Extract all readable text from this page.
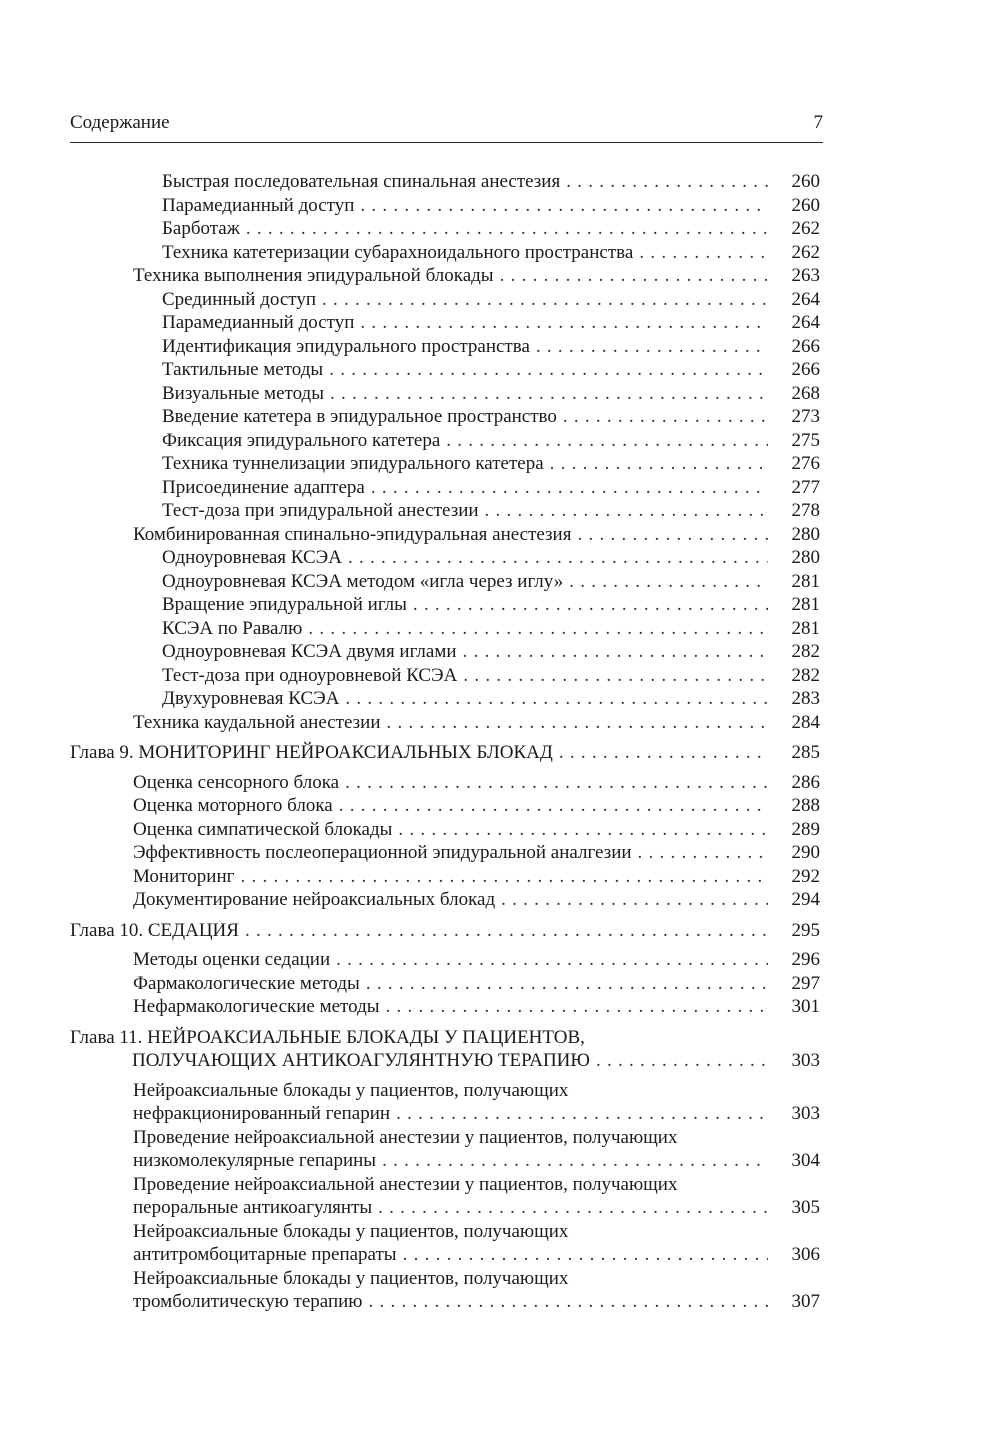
Содержание	7
Быстрая последовательная спинальная анестезия . . .	260
Парамедианный доступ . . .	260
Барботаж . . .	262
Техника катетеризации субарахноидального пространства . . .	262
Техника выполнения эпидуральной блокады . . .	263
Срединный доступ . . .	264
Парамедианный доступ . . .	264
Идентификация эпидурального пространства . . .	266
Тактильные методы . . .	266
Визуальные методы . . .	268
Введение катетера в эпидуральное пространство . . .	273
Фиксация эпидурального катетера . . .	275
Техника туннелизации эпидурального катетера . . .	276
Присоединение адаптера . . .	277
Тест-доза при эпидуральной анестезии . . .	278
Комбинированная спинально-эпидуральная анестезия . . .	280
Одноуровневая КСЭА . . .	280
Одноуровневая КСЭА методом «игла через иглу» . . .	281
Вращение эпидуральной иглы . . .	281
КСЭА по Равалю . . .	281
Одноуровневая КСЭА двумя иглами . . .	282
Тест-доза при одноуровневой КСЭА . . .	282
Двухуровневая КСЭА . . .	283
Техника каудальной анестезии . . .	284
Глава 9. МОНИТОРИНГ НЕЙРОАКСИАЛЬНЫХ БЛОКАД . . .	285
Оценка сенсорного блока . . .	286
Оценка моторного блока . . .	288
Оценка симпатической блокады . . .	289
Эффективность послеоперационной эпидуральной аналгезии . . .	290
Мониторинг . . .	292
Документирование нейроаксиальных блокад . . .	294
Глава 10. СЕДАЦИЯ . . .	295
Методы оценки седации . . .	296
Фармакологические методы . . .	297
Нефармакологические методы . . .	301
Глава 11. НЕЙРОАКСИАЛЬНЫЕ БЛОКАДЫ У ПАЦИЕНТОВ,
ПОЛУЧАЮЩИХ АНТИКОАГУЛЯНТНУЮ ТЕРАПИЮ . . .	303
Нейроаксиальные блокады у пациентов, получающих
нефракционированный гепарин . . .	303
Проведение нейроаксиальной анестезии у пациентов, получающих
низкомолекулярные гепарины . . .	304
Проведение нейроаксиальной анестезии у пациентов, получающих
пероральные антикоагулянты . . .	305
Нейроаксиальные блокады у пациентов, получающих
антитромбоцитарные препараты . . .	306
Нейроаксиальные блокады у пациентов, получающих
тромболитическую терапию . . .	307
